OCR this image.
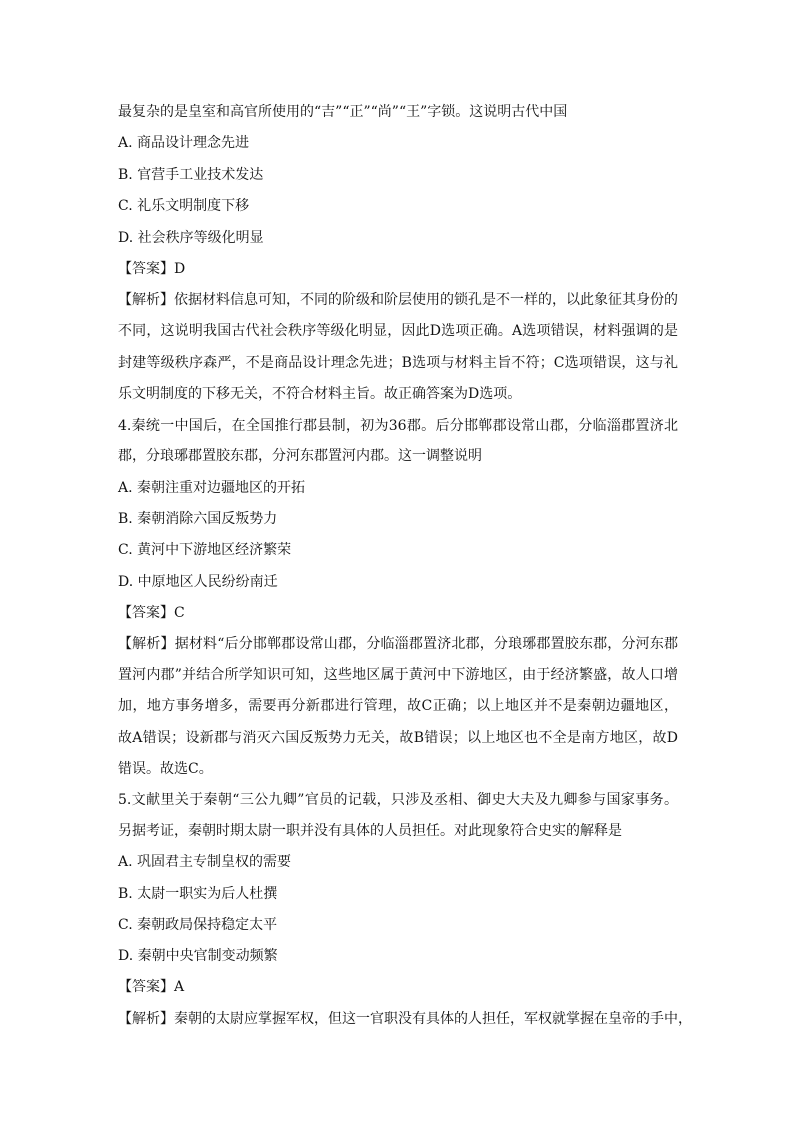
最复杂的是皇室和高官所使用的“吉”“正”“尚”“王”字锁。这说明古代中国
A. 商品设计理念先进
B. 官营手工业技术发达
C. 礼乐文明制度下移
D. 社会秩序等级化明显
【答案】D
【解析】依据材料信息可知，不同的阶级和阶层使用的锁孔是不一样的，以此象征其身份的
不同，这说明我国古代社会秩序等级化明显，因此D选项正确。A选项错误，材料强调的是
封建等级秩序森严，不是商品设计理念先进；B选项与材料主旨不符；C选项错误，这与礼
乐文明制度的下移无关，不符合材料主旨。故正确答案为D选项。
4.秦统一中国后，在全国推行郡县制，初为36郡。后分邯郸郡设常山郡，分临淄郡置济北
郡，分琅琊郡置胶东郡，分河东郡置河内郡。这一调整说明
A. 秦朝注重对边疆地区的开拓
B. 秦朝消除六国反叛势力
C. 黄河中下游地区经济繁荣
D. 中原地区人民纷纷南迁
【答案】C
【解析】据材料“后分邯郸郡设常山郡，分临淄郡置济北郡，分琅琊郡置胶东郡，分河东郡
置河内郡”并结合所学知识可知，这些地区属于黄河中下游地区，由于经济繁盛，故人口增
加，地方事务增多，需要再分新郡进行管理，故C正确；以上地区并不是秦朝边疆地区，
故A错误；设新郡与消灭六国反叛势力无关，故B错误；以上地区也不全是南方地区，故D
错误。故选C。
5.文献里关于秦朝“三公九卿”官员的记载，只涉及丞相、御史大夫及九卿参与国家事务。
另据考证，秦朝时期太尉一职并没有具体的人员担任。对此现象符合史实的解释是
A. 巩固君主专制皇权的需要
B. 太尉一职实为后人杜撰
C. 秦朝政局保持稳定太平
D. 秦朝中央官制变动频繁
【答案】A
【解析】秦朝的太尉应掌握军权，但这一官职没有具体的人担任，军权就掌握在皇帝的手中，
